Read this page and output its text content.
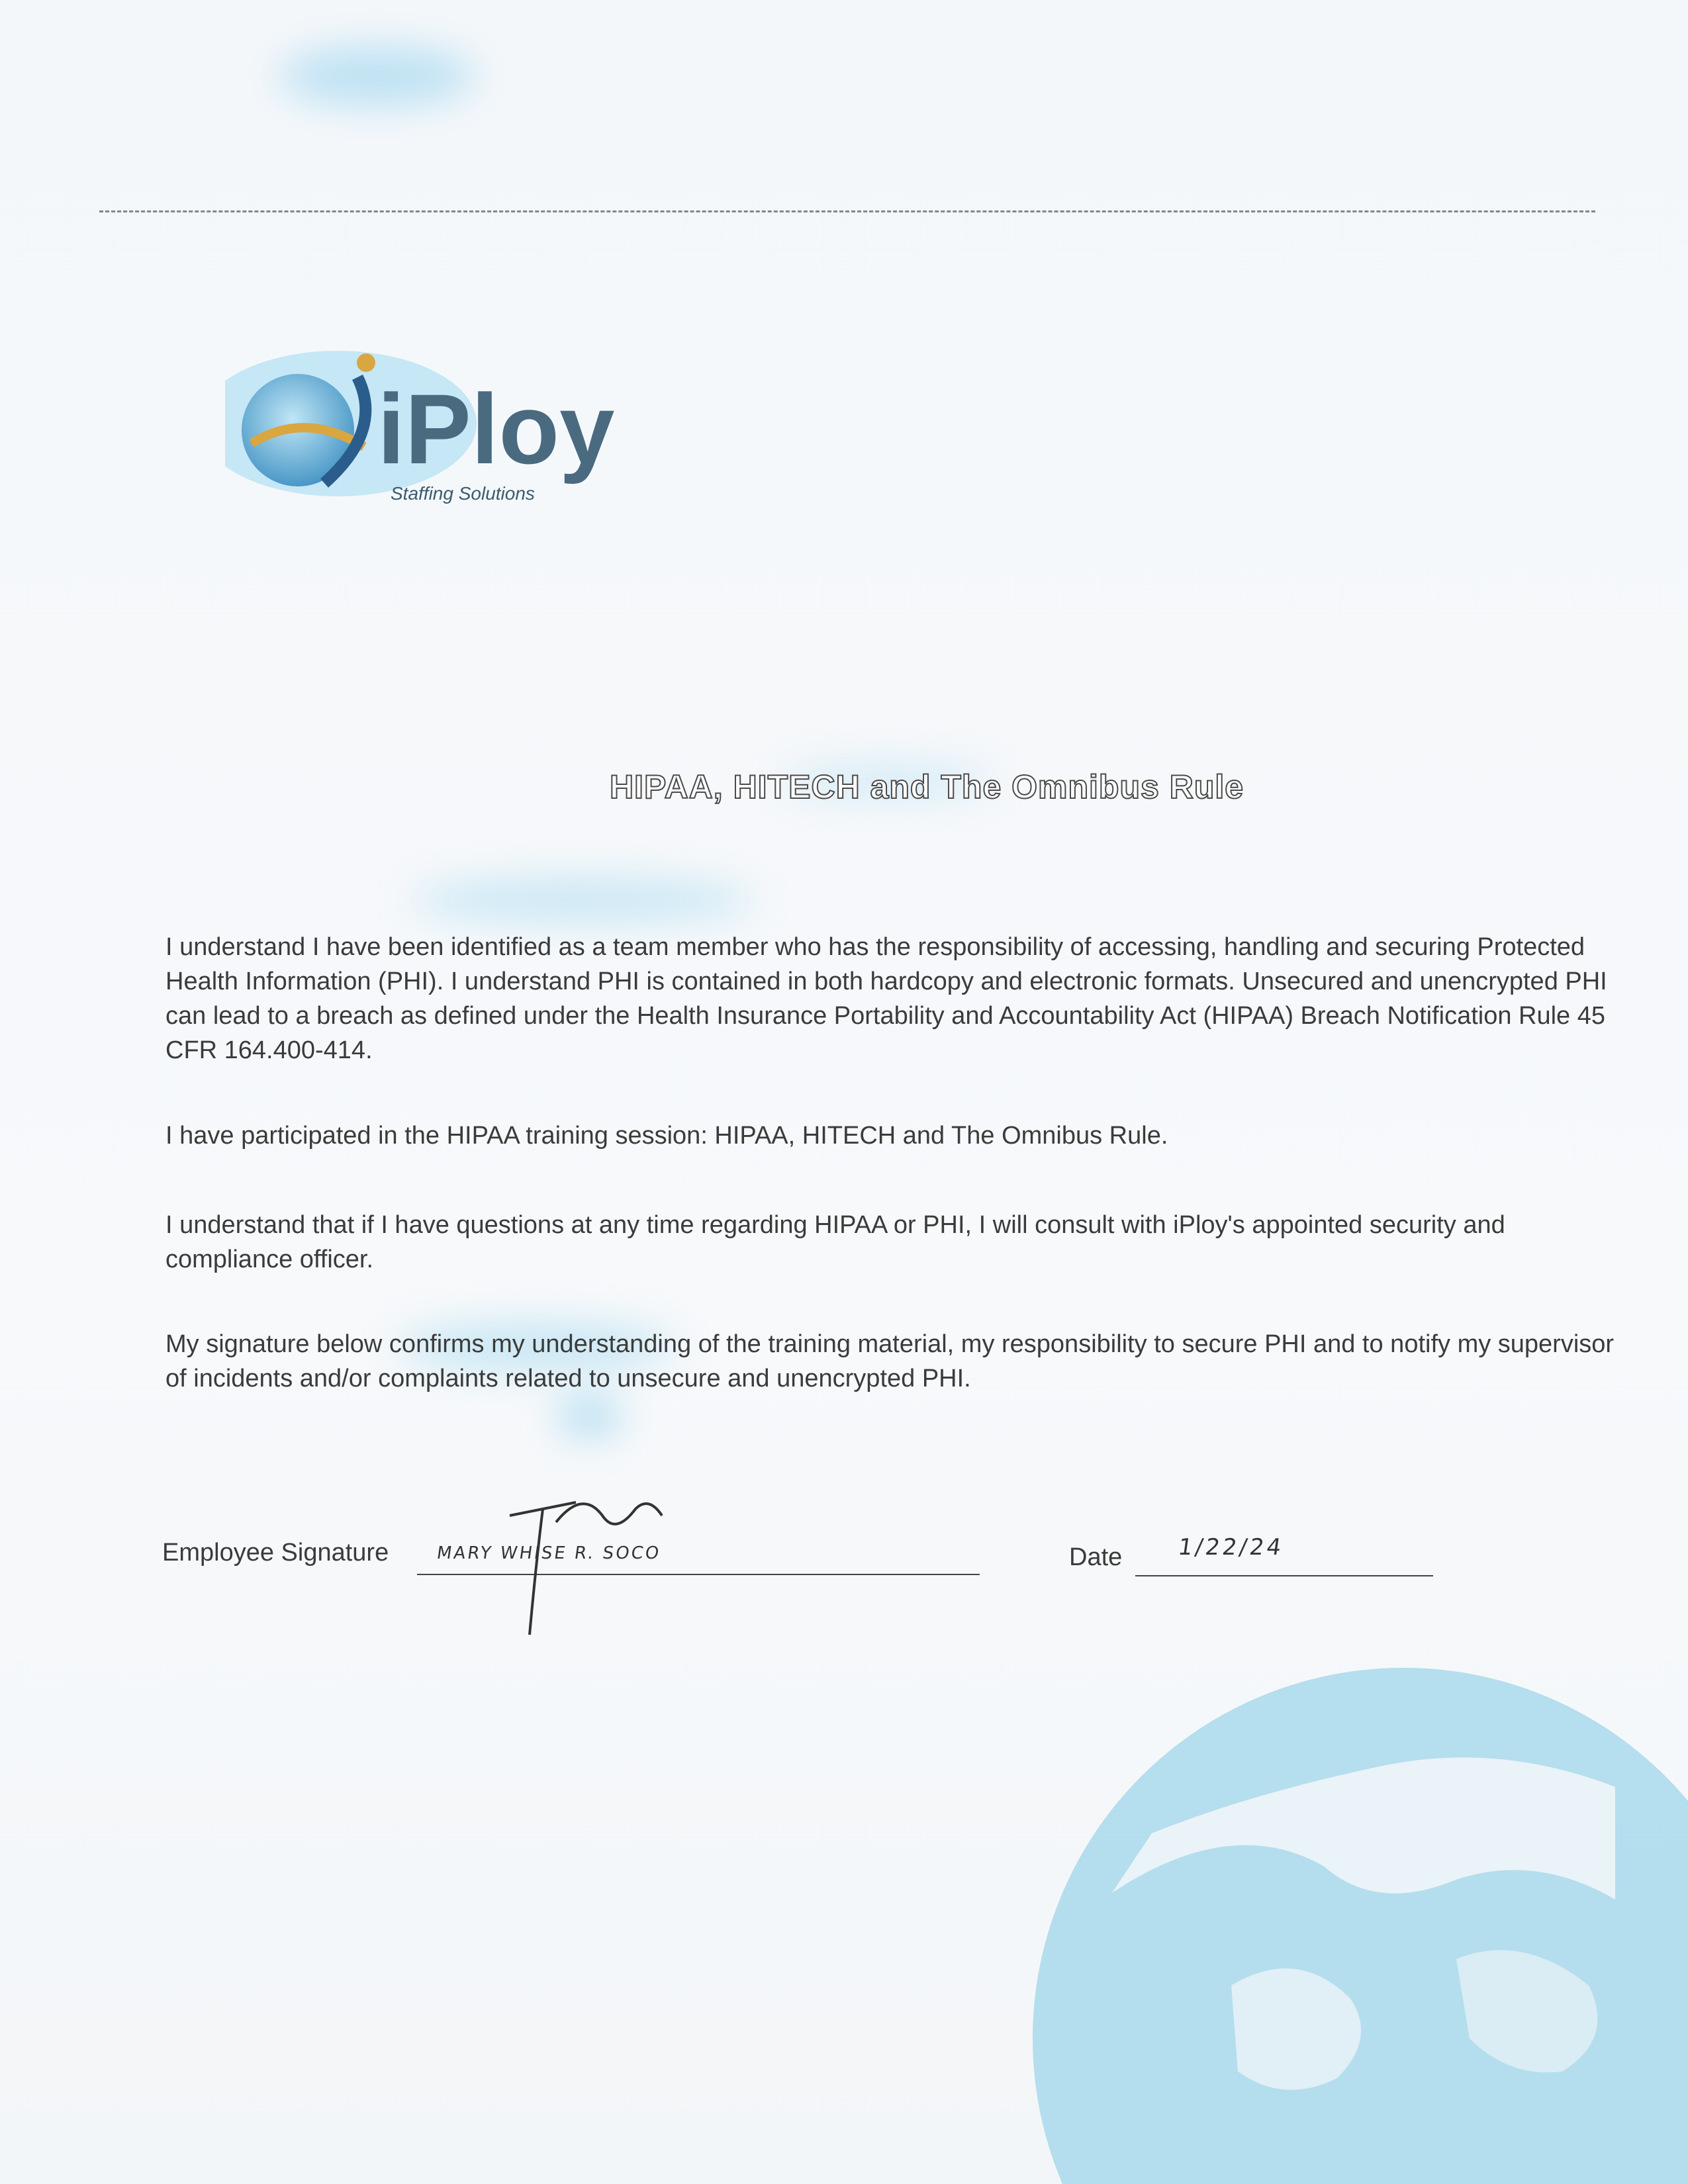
iPloy
Staffing Solutions
HIPAA, HITECH and The Omnibus Rule

I understand I have been identified as a team member who has the responsibility of accessing, handling and securing Protected Health Information (PHI). I understand PHI is contained in both hardcopy and electronic formats. Unsecured and unencrypted PHI can lead to a breach as defined under the Health Insurance Portability and Accountability Act (HIPAA) Breach Notification Rule 45 CFR 164.400-414.

I have participated in the HIPAA training session: HIPAA, HITECH and The Omnibus Rule.

I understand that if I have questions at any time regarding HIPAA or PHI, I will consult with iPloy's appointed security and compliance officer.

My signature below confirms my understanding of the training material, my responsibility to secure PHI and to notify my supervisor of incidents and/or complaints related to unsecure and unencrypted PHI.

Employee Signature	MARY WHISE R. SOCO	Date 1/22/24
